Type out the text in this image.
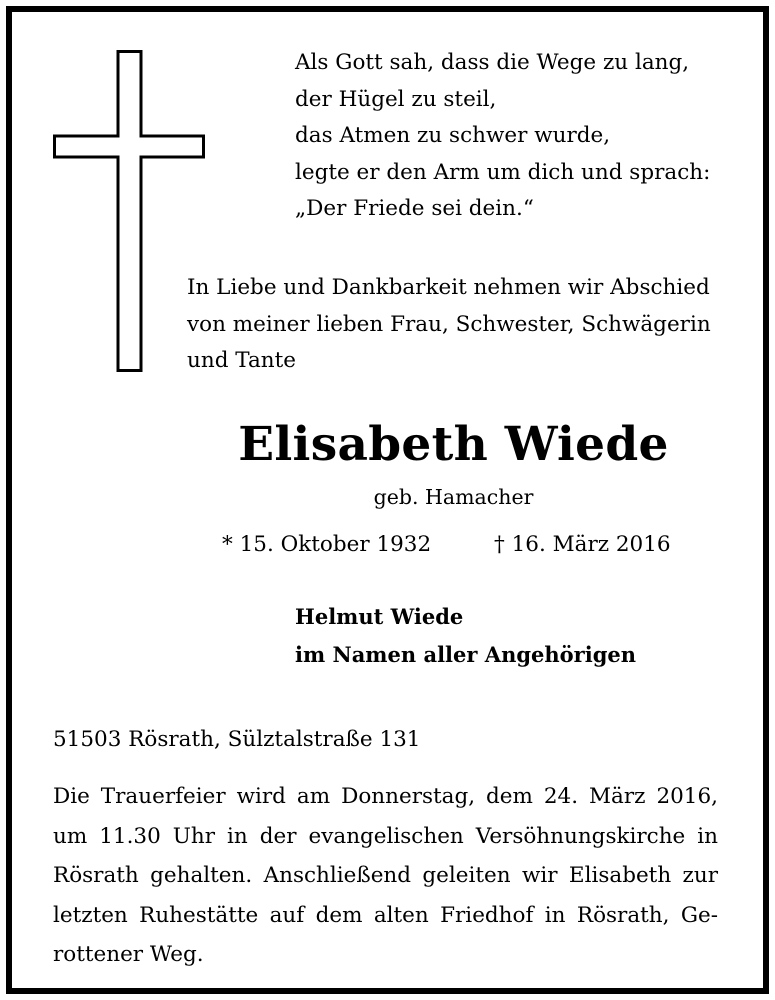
Als Gott sah, dass die Wege zu lang,
der Hügel zu steil,
das Atmen zu schwer wurde,
legte er den Arm um dich und sprach:
„Der Friede sei dein.“
In Liebe und Dankbarkeit nehmen wir Abschied
von meiner lieben Frau, Schwester, Schwägerin
und Tante
Elisabeth Wiede
geb. Hamacher
* 15. Oktober 1932	† 16. März 2016
Helmut Wiede
im Namen aller Angehörigen
51503 Rösrath, Sülztalstraße 131
Die Trauerfeier wird am Donnerstag, dem 24. März 2016,
um 11.30 Uhr in der evangelischen Versöhnungskirche in
Rösrath gehalten. Anschließend geleiten wir Elisabeth zur
letzten Ruhestätte auf dem alten Friedhof in Rösrath, Ge-
rottener Weg.
